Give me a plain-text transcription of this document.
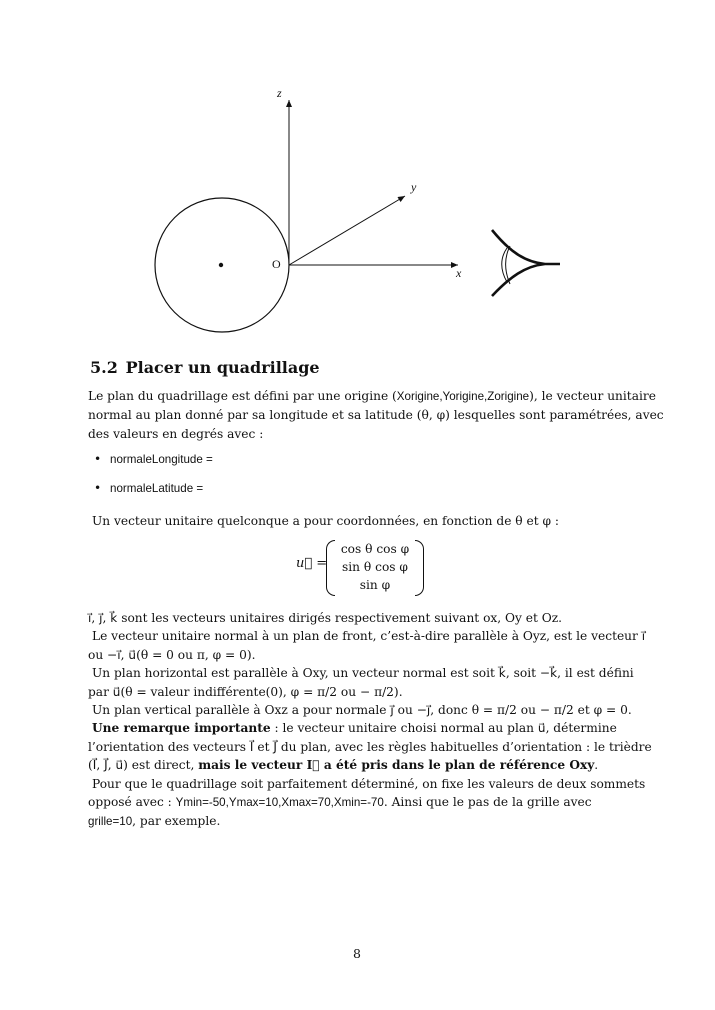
z
y
x
O
5.2 Placer un quadrillage
Le plan du quadrillage est défini par une origine (Xorigine,Yorigine,Zorigine), le vecteur unitaire
normal au plan donné par sa longitude et sa latitude (θ, φ) lesquelles sont paramétrées, avec
des valeurs en degrés avec :
• normaleLongitude =
• normaleLatitude =
Un vecteur unitaire quelconque a pour coordonnées, en fonction de θ et φ :
u⃗ =
cos θ cos φ
sin θ cos φ
sin φ
i⃗, j⃗, k⃗ sont les vecteurs unitaires dirigés respectivement suivant ox, Oy et Oz.
Le vecteur unitaire normal à un plan de front, c’est-à-dire parallèle à Oyz, est le vecteur i⃗
ou −i⃗, u⃗(θ = 0 ou π, φ = 0).
Un plan horizontal est parallèle à Oxy, un vecteur normal est soit k⃗, soit −k⃗, il est défini
par u⃗(θ = valeur indifférente(0), φ = π/2 ou − π/2).
Un plan vertical parallèle à Oxz a pour normale j⃗ ou −j⃗, donc θ = π/2 ou − π/2 et φ = 0.
Une remarque importante : le vecteur unitaire choisi normal au plan u⃗, détermine
l’orientation des vecteurs I⃗ et J⃗ du plan, avec les règles habituelles d’orientation : le trièdre
(I⃗, J⃗, u⃗) est direct, mais le vecteur I⃗ a été pris dans le plan de référence Oxy.
Pour que le quadrillage soit parfaitement déterminé, on fixe les valeurs de deux sommets
opposé avec : Ymin=-50,Ymax=10,Xmax=70,Xmin=-70. Ainsi que le pas de la grille avec
grille=10, par exemple.
8
